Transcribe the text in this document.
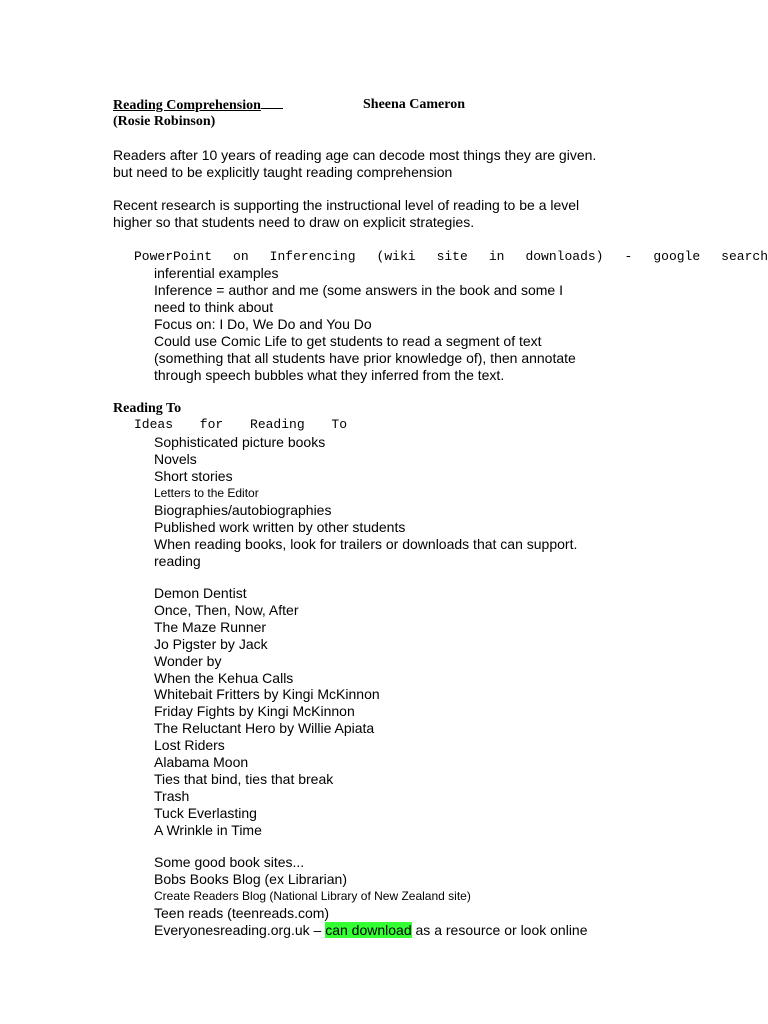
Reading Comprehension	Sheena Cameron
(Rosie Robinson)
Readers after 10 years of reading age can decode most things they are given.
but need to be explicitly taught reading comprehension
Recent research is supporting the instructional level of reading to be a level
higher so that students need to draw on explicit strategies.
PowerPoint on Inferencing (wiki site in downloads) - google search
inferential examples
Inference = author and me (some answers in the book and some I
need to think about
Focus on: I Do, We Do and You Do
Could use Comic Life to get students to read a segment of text
(something that all students have prior knowledge of), then annotate
through speech bubbles what they inferred from the text.
Reading To
Ideas for Reading To
Sophisticated picture books
Novels
Short stories
Letters to the Editor
Biographies/autobiographies
Published work written by other students
When reading books, look for trailers or downloads that can support.
reading
Demon Dentist
Once, Then, Now, After
The Maze Runner
Jo Pigster by Jack
Wonder by
When the Kehua Calls
Whitebait Fritters by Kingi McKinnon
Friday Fights by Kingi McKinnon
The Reluctant Hero by Willie Apiata
Lost Riders
Alabama Moon
Ties that bind, ties that break
Trash
Tuck Everlasting
A Wrinkle in Time
Some good book sites...
Bobs Books Blog (ex Librarian)
Create Readers Blog (National Library of New Zealand site)
Teen reads (teenreads.com)
Everyonesreading.org.uk – can download as a resource or look online
